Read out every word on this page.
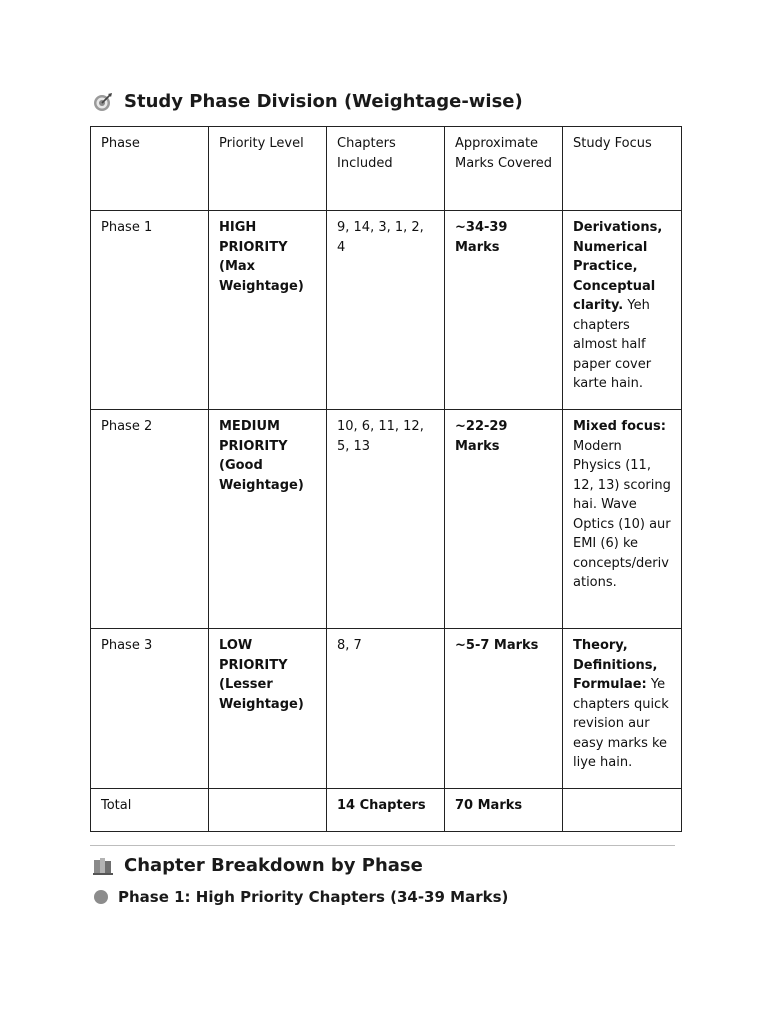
Study Phase Division (Weightage-wise)
Phase	Priority Level	Chapters Included	Approximate Marks Covered	Study Focus
Phase 1	HIGH PRIORITY (Max Weightage)	9, 14, 3, 1, 2, 4	~34-39 Marks	Derivations, Numerical Practice, Conceptual clarity. Yeh chapters almost half paper cover karte hain.
Phase 2	MEDIUM PRIORITY (Good Weightage)	10, 6, 11, 12, 5, 13	~22-29 Marks	Mixed focus: Modern Physics (11, 12, 13) scoring hai. Wave Optics (10) aur EMI (6) ke concepts/derivations.
Phase 3	LOW PRIORITY (Lesser Weightage)	8, 7	~5-7 Marks	Theory, Definitions, Formulae: Ye chapters quick revision aur easy marks ke liye hain.
Total		14 Chapters	70 Marks	
Chapter Breakdown by Phase
Phase 1: High Priority Chapters (34-39 Marks)
